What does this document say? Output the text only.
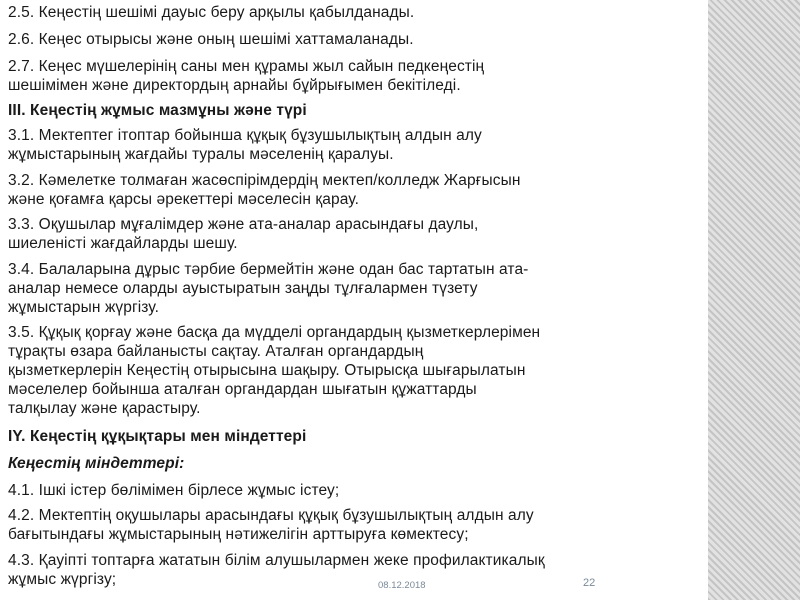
2.5. Кеңестің шешімі дауыс беру арқылы қабылданады.
2.6. Кеңес отырысы және оның шешімі хаттамаланады.
2.7. Кеңес мүшелерінің саны мен құрамы жыл сайын педкеңестің
шешімімен және директордың арнайы бұйрығымен бекітіледі.
ІІІ. Кеңестің жұмыс мазмұны және түрі
3.1. Мектептег ітоптар бойынша құқық бұзушылықтың алдын алу
жұмыстарының жағдайы туралы мәселенің қаралуы.
3.2. Кәмелетке толмаған жасөспірімдердің мектеп/колледж Жарғысын
және қоғамға қарсы әрекеттері мәселесін қарау.
3.3. Оқушылар мұғалімдер және ата-аналар арасындағы даулы,
шиеленісті жағдайларды шешу.
3.4. Балаларына дұрыс тәрбие бермейтін және одан бас тартатын ата-
аналар немесе оларды ауыстыратын заңды тұлғалармен түзету
жұмыстарын жүргізу.
3.5. Құқық қорғау және басқа да мүдделі органдардың қызметкерлерімен
тұрақты өзара байланысты сақтау. Аталған органдардың
қызметкерлерін Кеңестің отырысына шақыру. Отырысқа шығарылатын
мәселелер бойынша аталған органдардан шығатын құжаттарды
талқылау және қарастыру.
ІY. Кеңестің құқықтары мен міндеттері
Кеңестің міндеттері:
4.1. Ішкі істер бөлімімен бірлесе жұмыс істеу;
4.2. Мектептің оқушылары арасындағы құқық бұзушылықтың алдын алу
бағытындағы жұмыстарының нәтижелігін арттыруға көмектесу;
4.3. Қауіпті топтарға жататын білім алушылармен жеке профилактикалық
жұмыс жүргізу;	08.12.2018	22
